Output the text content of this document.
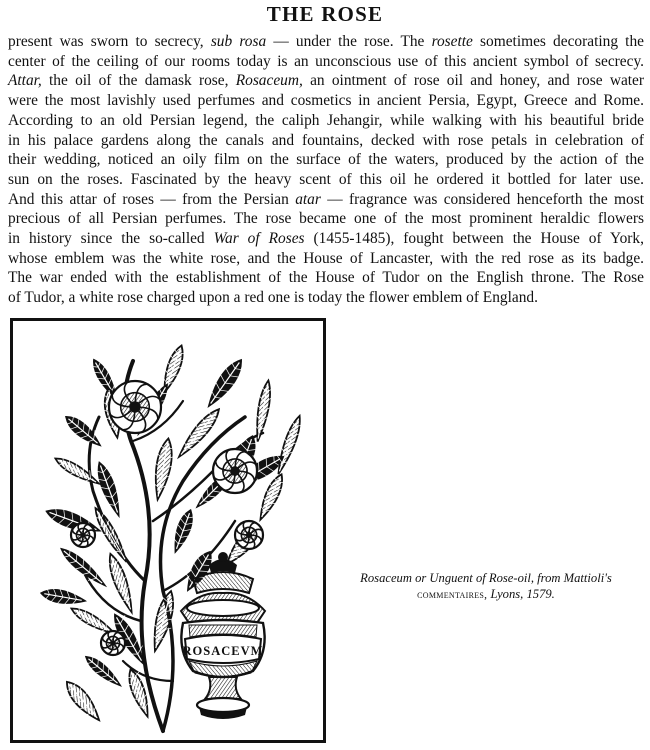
THE ROSE
present was sworn to secrecy, sub rosa — under the rose. The rosette sometimes decorating the
center of the ceiling of our rooms today is an unconscious use of this ancient symbol of secrecy.
Attar, the oil of the damask rose, Rosaceum, an ointment of rose oil and honey, and rose water
were the most lavishly used perfumes and cosmetics in ancient Persia, Egypt, Greece and Rome.
According to an old Persian legend, the caliph Jehangir, while walking with his beautiful bride
in his palace gardens along the canals and fountains, decked with rose petals in celebration of
their wedding, noticed an oily film on the surface of the waters, produced by the action of the
sun on the roses. Fascinated by the heavy scent of this oil he ordered it bottled for later use.
And this attar of roses — from the Persian atar — fragrance was considered henceforth the most
precious of all Persian perfumes. The rose became one of the most prominent heraldic flowers
in history since the so-called War of Roses (1455-1485), fought between the House of York,
whose emblem was the white rose, and the House of Lancaster, with the red rose as its badge.
The war ended with the establishment of the House of Tudor on the English throne. The Rose
of Tudor, a white rose charged upon a red one is today the flower emblem of England.
ROSACEVM
Rosaceum or Unguent of Rose-oil, from Mattioli's
commentaires, Lyons, 1579.
